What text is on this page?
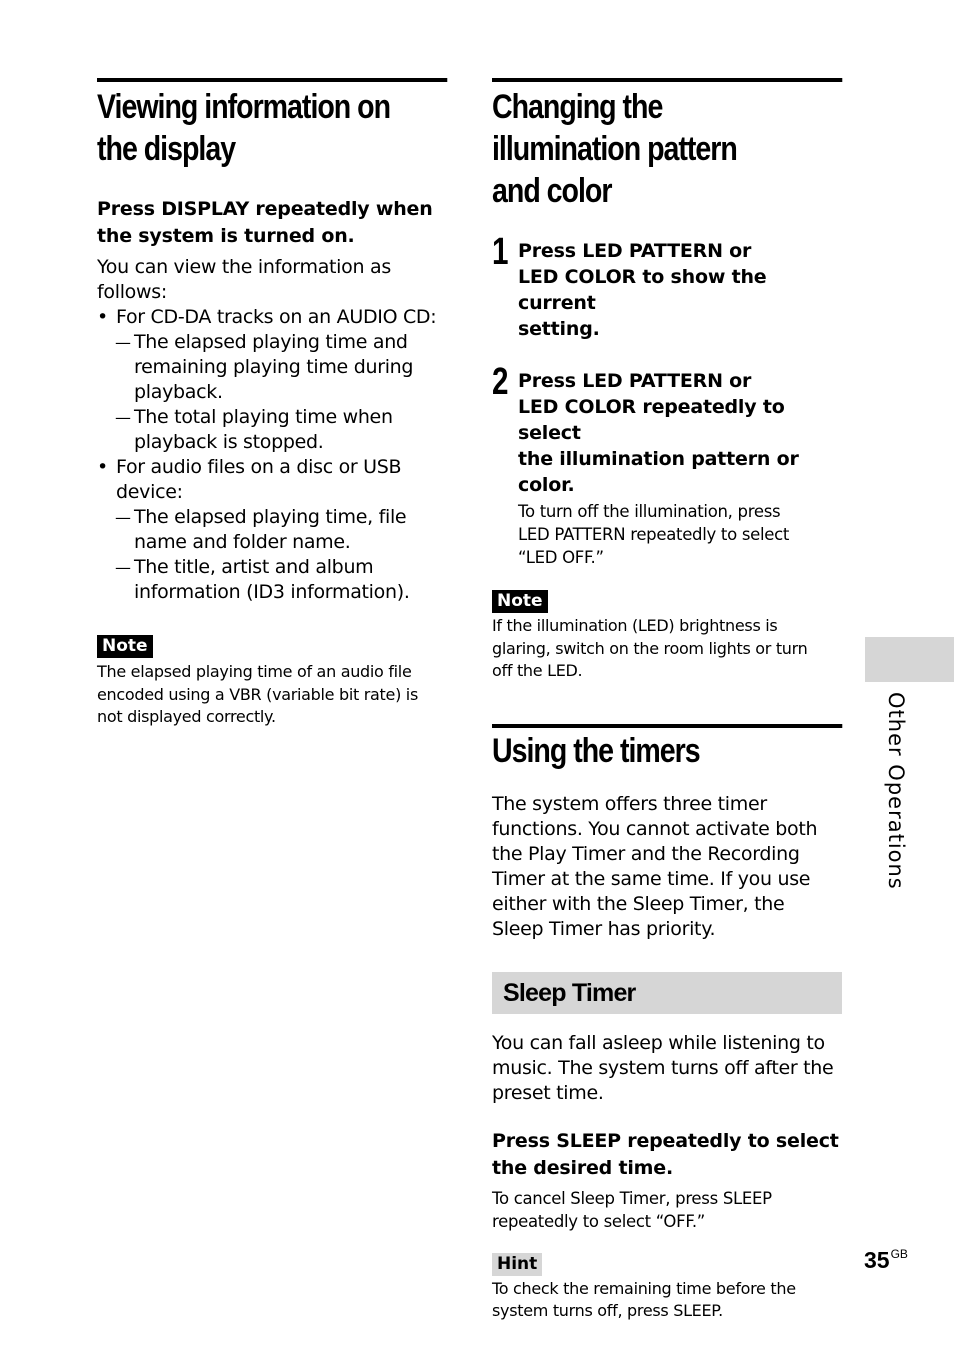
Viewing information on
the display

Press DISPLAY repeatedly when
the system is turned on.

You can view the information as
follows:

• For CD-DA tracks on an AUDIO CD:
— The elapsed playing time and
remaining playing time during
playback.
— The total playing time when
playback is stopped.
• For audio files on a disc or USB
device:
— The elapsed playing time, file
name and folder name.
— The title, artist and album
information (ID3 information).
Note

The elapsed playing time of an audio file
encoded using a VBR (variable bit rate) is
not displayed correctly.

Changing the
illumination pattern
and color
1 Press LED PATTERN or
LED COLOR to show the current
setting.

2 Press LED PATTERN or
LED COLOR repeatedly to select
the illumination pattern or color.

To turn off the illumination, press
LED PATTERN repeatedly to select
“LED OFF.”

Note

If the illumination (LED) brightness is
glaring, switch on the room lights or turn
off the LED.

Using the timers

The system offers three timer
functions. You cannot activate both
the Play Timer and the Recording
Timer at the same time. If you use
either with the Sleep Timer, the
Sleep Timer has priority.

Sleep Timer

You can fall asleep while listening to
music. The system turns off after the
preset time.

Press SLEEP repeatedly to select
the desired time.

To cancel Sleep Timer, press SLEEP
repeatedly to select “OFF.”

Hint

To check the remaining time before the
system turns off, press SLEEP.

Other Operations
$35^{GB}$
